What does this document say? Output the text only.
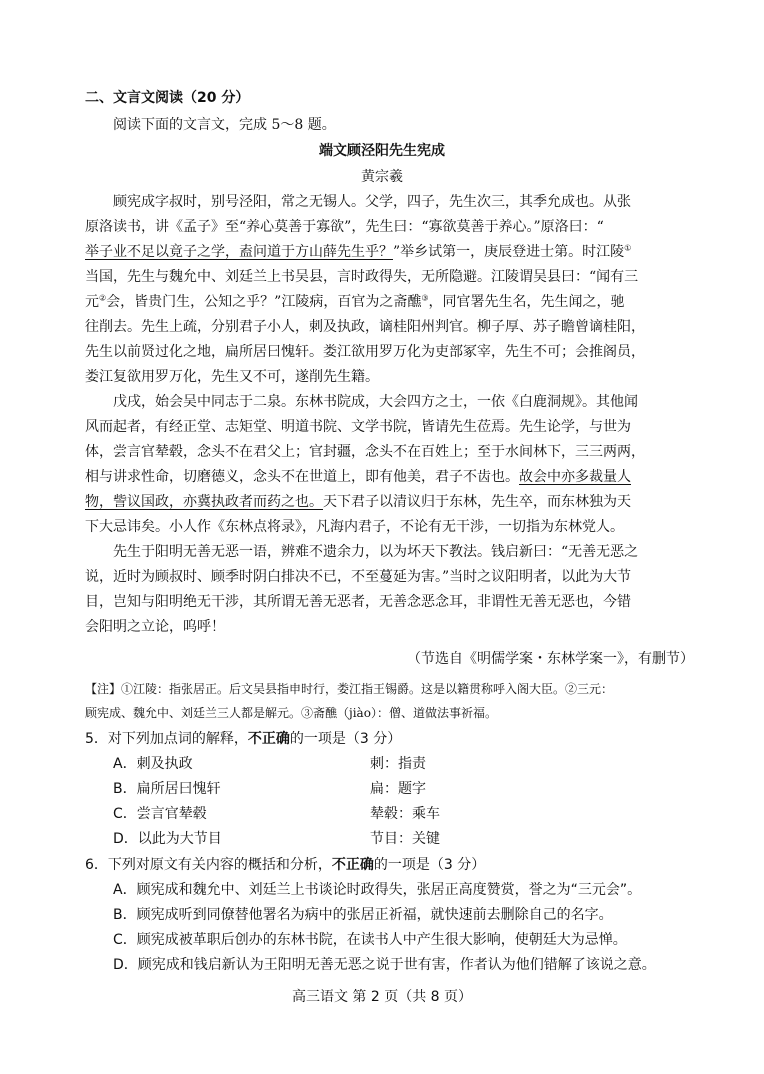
二、文言文阅读（20 分）
阅读下面的文言文，完成 5～8 题。
端文顾泾阳先生宪成
黄宗羲
顾宪成字叔时，别号泾阳，常之无锡人。父学，四子，先生次三，其季允成也。从张
原洛读书，讲《孟子》至“养心莫善于寡欲”，先生曰：“寡欲莫善于养心。”原洛曰：“
举子业不足以竟子之学，盍问道于方山薛先生乎？”举乡试第一，庚辰登进士第。时江陵①
当国，先生与魏允中、刘廷兰上书吴县，言时政得失，无所隐避。江陵谓吴县曰：“闻有三
元②会，皆贵门生，公知之乎？”江陵病，百官为之斋醮③，同官署先生名，先生闻之，驰
往削去。先生上疏，分别君子小人，刺及执政，谪桂阳州判官。柳子厚、苏子瞻曾谪桂阳，
先生以前贤过化之地，扁所居曰愧轩。娄江欲用罗万化为吏部冢宰，先生不可；会推阁员，
娄江复欲用罗万化，先生又不可，遂削先生籍。
戊戌，始会吴中同志于二泉。东林书院成，大会四方之士，一依《白鹿洞规》。其他闻
风而起者，有经正堂、志矩堂、明道书院、文学书院，皆请先生莅焉。先生论学，与世为
体，尝言官辇毂，念头不在君父上；官封疆，念头不在百姓上；至于水间林下，三三两两，
相与讲求性命，切磨德义，念头不在世道上，即有他美，君子不齿也。故会中亦多裁量人
物，訾议国政，亦冀执政者而药之也。天下君子以清议归于东林，先生卒，而东林独为天
下大忌讳矣。小人作《东林点将录》，凡海内君子，不论有无干涉，一切指为东林党人。
先生于阳明无善无恶一语，辨难不遗余力，以为坏天下教法。钱启新曰：“无善无恶之
说，近时为顾叔时、顾季时阴白排决不已，不至蔓延为害。”当时之议阳明者，以此为大节
目，岂知与阳明绝无干涉，其所谓无善无恶者，无善念恶念耳，非谓性无善无恶也，今错
会阳明之立论，呜呼！
（节选自《明儒学案・东林学案一》，有删节）
【注】①江陵：指张居正。后文吴县指申时行，娄江指王锡爵。这是以籍贯称呼入阁大臣。②三元：
顾宪成、魏允中、刘廷兰三人都是解元。③斋醮（jiào）：僧、道做法事祈福。
5．对下列加点词的解释，不正确的一项是（3 分）
A．刺及执政	刺：指责
B．扁所居曰愧轩	扁：题字
C．尝言官辇毂	辇毂：乘车
D．以此为大节目	节目：关键
6．下列对原文有关内容的概括和分析，不正确的一项是（3 分）
A．顾宪成和魏允中、刘廷兰上书谈论时政得失，张居正高度赞赏，誉之为“三元会”。
B．顾宪成听到同僚替他署名为病中的张居正祈福，就快速前去删除自己的名字。
C．顾宪成被革职后创办的东林书院，在读书人中产生很大影响，使朝廷大为忌惮。
D．顾宪成和钱启新认为王阳明无善无恶之说于世有害，作者认为他们错解了该说之意。
高三语文 第 2 页（共 8 页）
